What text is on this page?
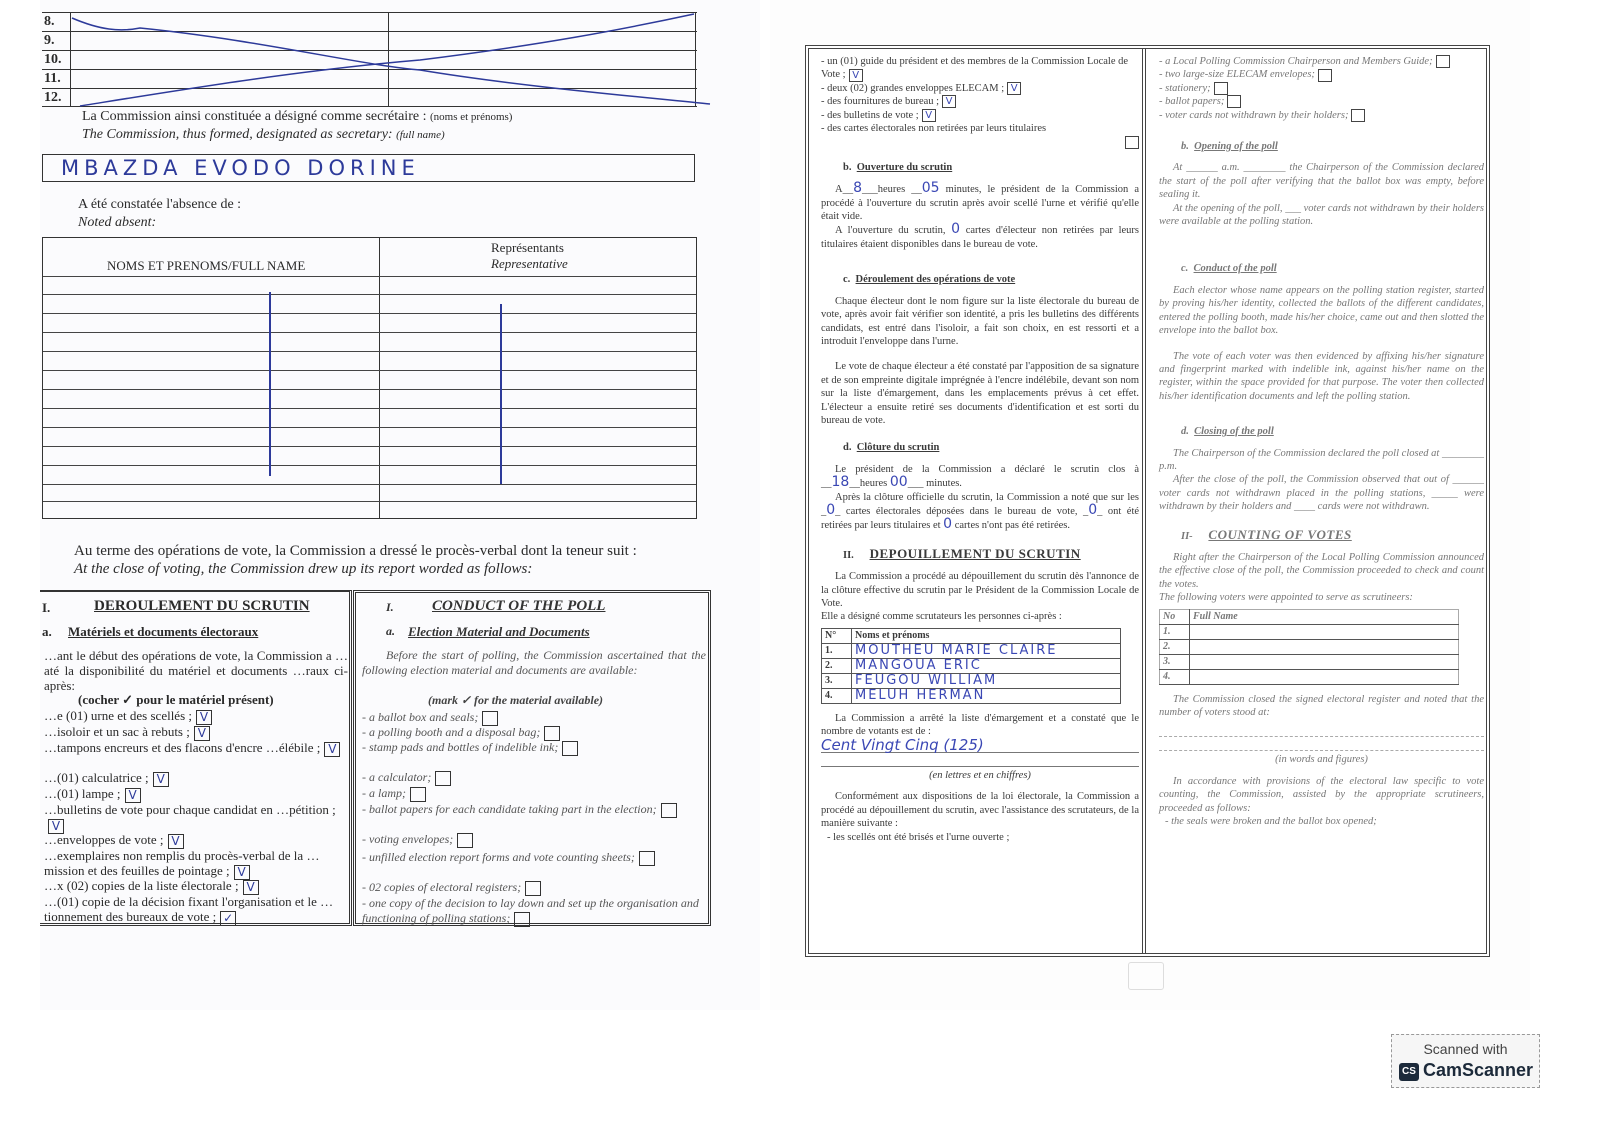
8.
9.
10.
11.
12.
La Commission ainsi constituée a désigné comme secrétaire : (noms et prénoms)
The Commission, thus formed, designated as secretary: (full name)
MBAZDA EVODO DORINE
A été constatée l'absence de :
Noted absent:
NOMS ET PRENOMS/FULL NAME
Représentants
Representative
Au terme des opérations de vote, la Commission a dressé le procès-verbal dont la teneur suit :
At the close of voting, the Commission drew up its report worded as follows:
I.	DEROULEMENT DU SCRUTIN
a. Matériels et documents électoraux
…ant le début des opérations de vote, la Commission a …até la disponibilité du matériel et documents …raux ci-après:
(cocher ✓ pour le matériel présent)
…e (01) urne et des scellés ; V
…isoloir et un sac à rebuts ; V
…tampons encreurs et des flacons d'encre …élébile ; V
…(01) calculatrice ; V
…(01) lampe ; V
…bulletins de vote pour chaque candidat en …pétition ;V
…enveloppes de vote ; V
…exemplaires non remplis du procès-verbal de la …mission et des feuilles de pointage ; V
…x (02) copies de la liste électorale ; V
…(01) copie de la décision fixant l'organisation et le …tionnement des bureaux de vote ; ✓
I.	CONDUCT OF THE POLL
a. Election Material and Documents
Before the start of polling, the Commission ascertained that the following election material and documents are available:
(mark ✓ for the material available)
- a ballot box and seals;
- a polling booth and a disposal bag;
- stamp pads and bottles of indelible ink;
- a calculator;
- a lamp;
- ballot papers for each candidate taking part in the election;
- voting envelopes;
- unfilled election report forms and vote counting sheets;
- 02 copies of electoral registers;
- one copy of the decision to lay down and set up the organisation and functioning of polling stations;
- un (01) guide du président et des membres de la Commission Locale de Vote ; V
- deux (02) grandes enveloppes ELECAM ; V
- des fournitures de bureau ; V
- des bulletins de vote ; V
- des cartes électorales non retirées par leurs titulaires
b. Ouverture du scrutin

A__8___heures __05 minutes, le président de la Commission a procédé à l'ouverture du scrutin après avoir scellé l'urne et vérifié qu'elle était vide.

A l'ouverture du scrutin, 0 cartes d'électeur non retirées par leurs titulaires étaient disponibles dans le bureau de vote.

c. Déroulement des opérations de vote

Chaque électeur dont le nom figure sur la liste électorale du bureau de vote, après avoir fait vérifier son identité, a pris les bulletins des différents candidats, est entré dans l'isoloir, a fait son choix, en est ressorti et a introduit l'enveloppe dans l'urne.

Le vote de chaque électeur a été constaté par l'apposition de sa signature et de son empreinte digitale imprégnée à l'encre indélébile, devant son nom sur la liste d'émargement, dans les emplacements prévus à cet effet. L'électeur a ensuite retiré ses documents d'identification et est sorti du bureau de vote.

d. Clôture du scrutin

Le président de la Commission a déclaré le scrutin clos à __18__heures 00___ minutes.

Après la clôture officielle du scrutin, la Commission a noté que sur les _0_ cartes électorales déposées dans le bureau de vote, _0_ ont été retirées par leurs titulaires et 0 cartes n'ont pas été retirées.

II. DEPOUILLEMENT DU SCRUTIN

La Commission a procédé au dépouillement du scrutin dès l'annonce de la clôture effective du scrutin par le Président de la Commission Locale de Vote.

Elle a désigné comme scrutateurs les personnes ci-après :
N°	Noms et prénoms
1.	MOUTHEU MARIE CLAIRE
2.	MANGOUA ERIC
3.	FEUGOU WILLIAM
4.	MELUH HERMAN

La Commission a arrêté la liste d'émargement et a constaté que le nombre de votants est de :

Cent Vingt Cinq (125)
(en lettres et en chiffres)

Conformément aux dispositions de la loi électorale, la Commission a procédé au dépouillement du scrutin, avec l'assistance des scrutateurs, de la manière suivante :

- les scellés ont été brisés et l'urne ouverte ;
- a Local Polling Commission Chairperson and Members Guide;
- two large-size ELECAM envelopes;
- stationery;
- ballot papers;
- voter cards not withdrawn by their holders;
b. Opening of the poll

At ______ a.m. ________ the Chairperson of the Commission declared the start of the poll after verifying that the ballot box was empty, before sealing it.

At the opening of the poll, ___ voter cards not withdrawn by their holders were available at the polling station.

c. Conduct of the poll

Each elector whose name appears on the polling station register, started by proving his/her identity, collected the ballots of the different candidates, entered the polling booth, made his/her choice, came out and then slotted the envelope into the ballot box.

The vote of each voter was then evidenced by affixing his/her signature and fingerprint marked with indelible ink, against his/her name on the register, within the space provided for that purpose. The voter then collected his/her identification documents and left the polling station.

d. Closing of the poll

The Chairperson of the Commission declared the poll closed at ________ p.m.

After the close of the poll, the Commission observed that out of ______ voter cards not withdrawn placed in the polling stations, _____ were withdrawn by their holders and ____ cards were not withdrawn.

II- COUNTING OF VOTES

Right after the Chairperson of the Local Polling Commission announced the effective close of the poll, the Commission proceeded to check and count the votes.

The following voters were appointed to serve as scrutineers:
No	Full Name
1.	
2.	
3.	
4.	

The Commission closed the signed electoral register and noted that the number of voters stood at:

(in words and figures)

In accordance with provisions of the electoral law specific to vote counting, the Commission, assisted by the appropriate scrutineers, proceeded as follows:

- the seals were broken and the ballot box opened;
Scanned with
CS CamScanner
